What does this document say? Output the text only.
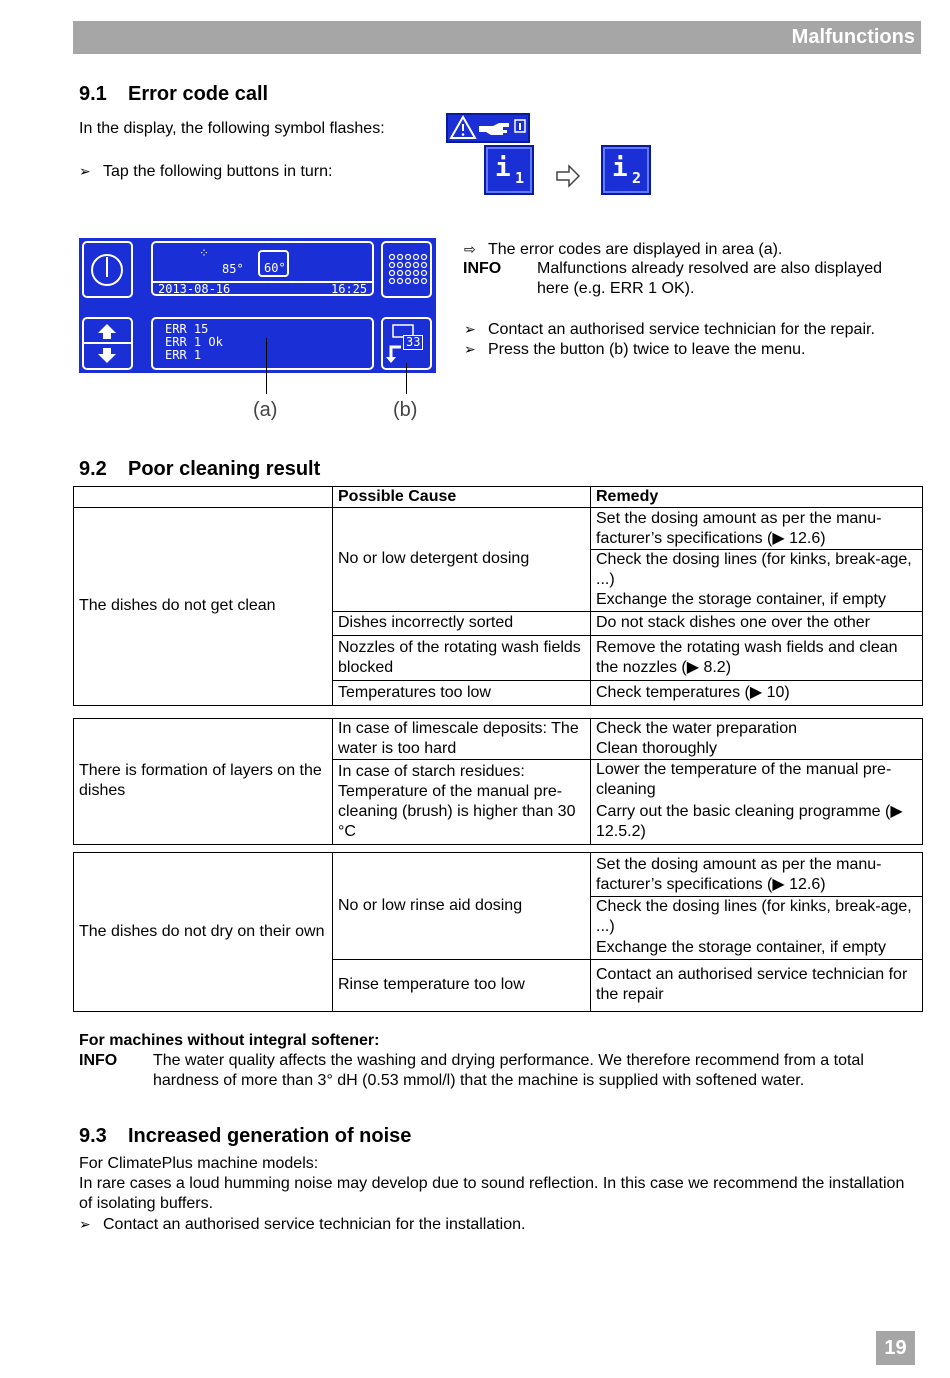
Malfunctions
9.1 Error code call
In the display, the following symbol flashes:
➢ Tap the following buttons in turn:	i 1	i 2
⁘
85° 60°
2013-08-16	16:25
ERR 15
ERR 1 Ok
ERR 1
33
(a)	(b)
⇨ The error codes are displayed in area (a).
INFO Malfunctions already resolved are also displayed
here (e.g. ERR 1 OK).
➢ Contact an authorised service technician for the repair.
➢ Press the button (b) twice to leave the menu.
9.2 Poor cleaning result
	Possible Cause	Remedy
The dishes do not get clean	No or low detergent dosing	Set the dosing amount as per the manu-facturer’s specifications (▶ 12.6)
		Check the dosing lines (for kinks, break-age, ...)
		Exchange the storage container, if empty
	Dishes incorrectly sorted	Do not stack dishes one over the other
	Nozzles of the rotating wash fields blocked	Remove the rotating wash fields and clean the nozzles (▶ 8.2)
	Temperatures too low	Check temperatures (▶ 10)
There is formation of layers on the dishes	In case of limescale deposits: The water is too hard	Check the water preparation
		Clean thoroughly
	In case of starch residues: Temperature of the manual pre-cleaning (brush) is higher than 30 °C	Lower the temperature of the manual pre-cleaning
		Carry out the basic cleaning programme (▶ 12.5.2)
The dishes do not dry on their own	No or low rinse aid dosing	Set the dosing amount as per the manu-facturer’s specifications (▶ 12.6)
		Check the dosing lines (for kinks, break-age, ...)
		Exchange the storage container, if empty
	Rinse temperature too low	Contact an authorised service technician for the repair
For machines without integral softener:
INFO The water quality affects the washing and drying performance. We therefore recommend from a total hardness of more than 3° dH (0.53 mmol/l) that the machine is supplied with softened water.
9.3 Increased generation of noise
For ClimatePlus machine models:
In rare cases a loud humming noise may develop due to sound reflection. In this case we recommend the installation of isolating buffers.
➢ Contact an authorised service technician for the installation.
19
